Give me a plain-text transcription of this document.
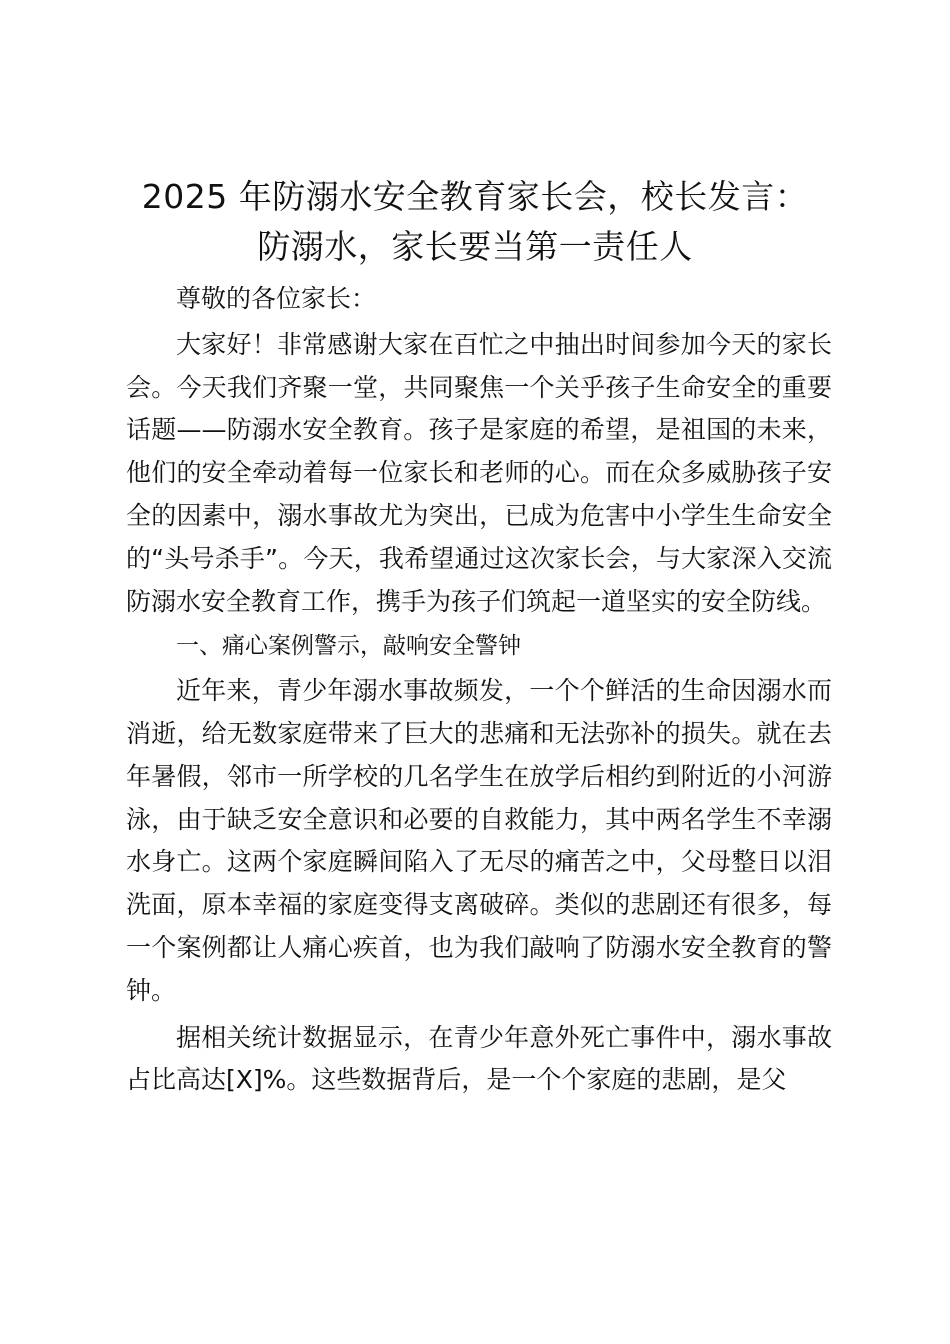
2025 年防溺水安全教育家长会，校长发言：
防溺水，家长要当第一责任人

尊敬的各位家长：

大家好！非常感谢大家在百忙之中抽出时间参加今天的家长会。今天我们齐聚一堂，共同聚焦一个关乎孩子生命安全的重要话题——防溺水安全教育。孩子是家庭的希望，是祖国的未来，他们的安全牵动着每一位家长和老师的心。而在众多威胁孩子安全的因素中，溺水事故尤为突出，已成为危害中小学生生命安全的“头号杀手”。今天，我希望通过这次家长会，与大家深入交流防溺水安全教育工作，携手为孩子们筑起一道坚实的安全防线。

一、痛心案例警示，敲响安全警钟

近年来，青少年溺水事故频发，一个个鲜活的生命因溺水而消逝，给无数家庭带来了巨大的悲痛和无法弥补的损失。就在去年暑假，邻市一所学校的几名学生在放学后相约到附近的小河游泳，由于缺乏安全意识和必要的自救能力，其中两名学生不幸溺水身亡。这两个家庭瞬间陷入了无尽的痛苦之中，父母整日以泪洗面，原本幸福的家庭变得支离破碎。类似的悲剧还有很多，每一个案例都让人痛心疾首，也为我们敲响了防溺水安全教育的警钟。

据相关统计数据显示，在青少年意外死亡事件中，溺水事故占比高达[X]%。这些数据背后，是一个个家庭的悲剧，是父
